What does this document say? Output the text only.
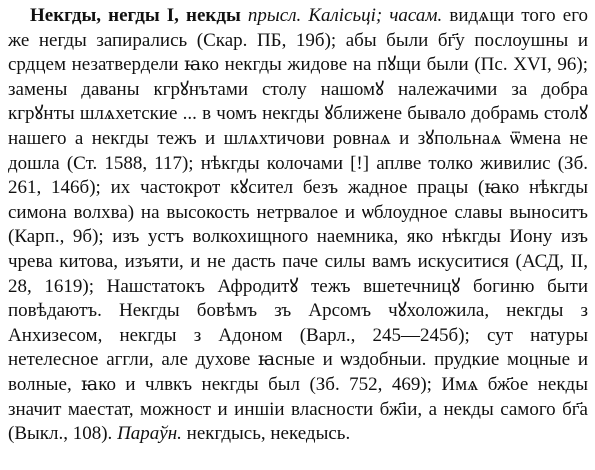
Некгды, негды I, некды прысл. Калісьці; часам. видѧщи того его же негды запирались (Скар. ПБ, 19б); абы были бг҃у послоушны и срдцем незатвердели ꙗко некгды жидове на пꙋщи были (Пс. XVI, 96); замены даваны кгрꙋнътами столу нашомꙋ належачими за добра кгрꙋнты шлѧхетские ... в чомъ некгды ꙋближене бывало добрамь столꙋ нашего а некгды тежъ и шлѧхтичови ровнаѧ и зꙋпольнаѧ ѿмена не дошла (Ст. 1588, 117); нѣкгды колочами [!] аплве толко живилис (Зб. 261, 146б); их частокрот кꙋсител безъ жадное працы (ꙗко нѣкгды симона волхва) на высокость нетрвалое и ѡблоудное славы выноситъ (Карп., 9б); изъ устъ волкохищного наемника, яко нѣкгды Иону изъ чрева китова, изъяти, и не дасть паче силы вамъ искуситися (АСД, II, 28, 1619); Нашстатокъ Афродитꙋ тежъ вшетечницꙋ богиню быти повѣдаютъ. Некгды бовѣмъ зъ Арсомъ чꙋхоложила, некгды з Анхизесом, некгды з Адоном (Варл., 245—245б); сут натуры нетелесное аггли, але духове ꙗсные и ѡздобныи. прудкие моцные и волные, ꙗко и члвкъ некгды был (Зб. 752, 469); Имѧ бж҃ое некды значит маестат, можност и иншіи власности бж҃іи, а некды самого бг҃а (Выкл., 108). Параўн. некгдысь, некедысь.
